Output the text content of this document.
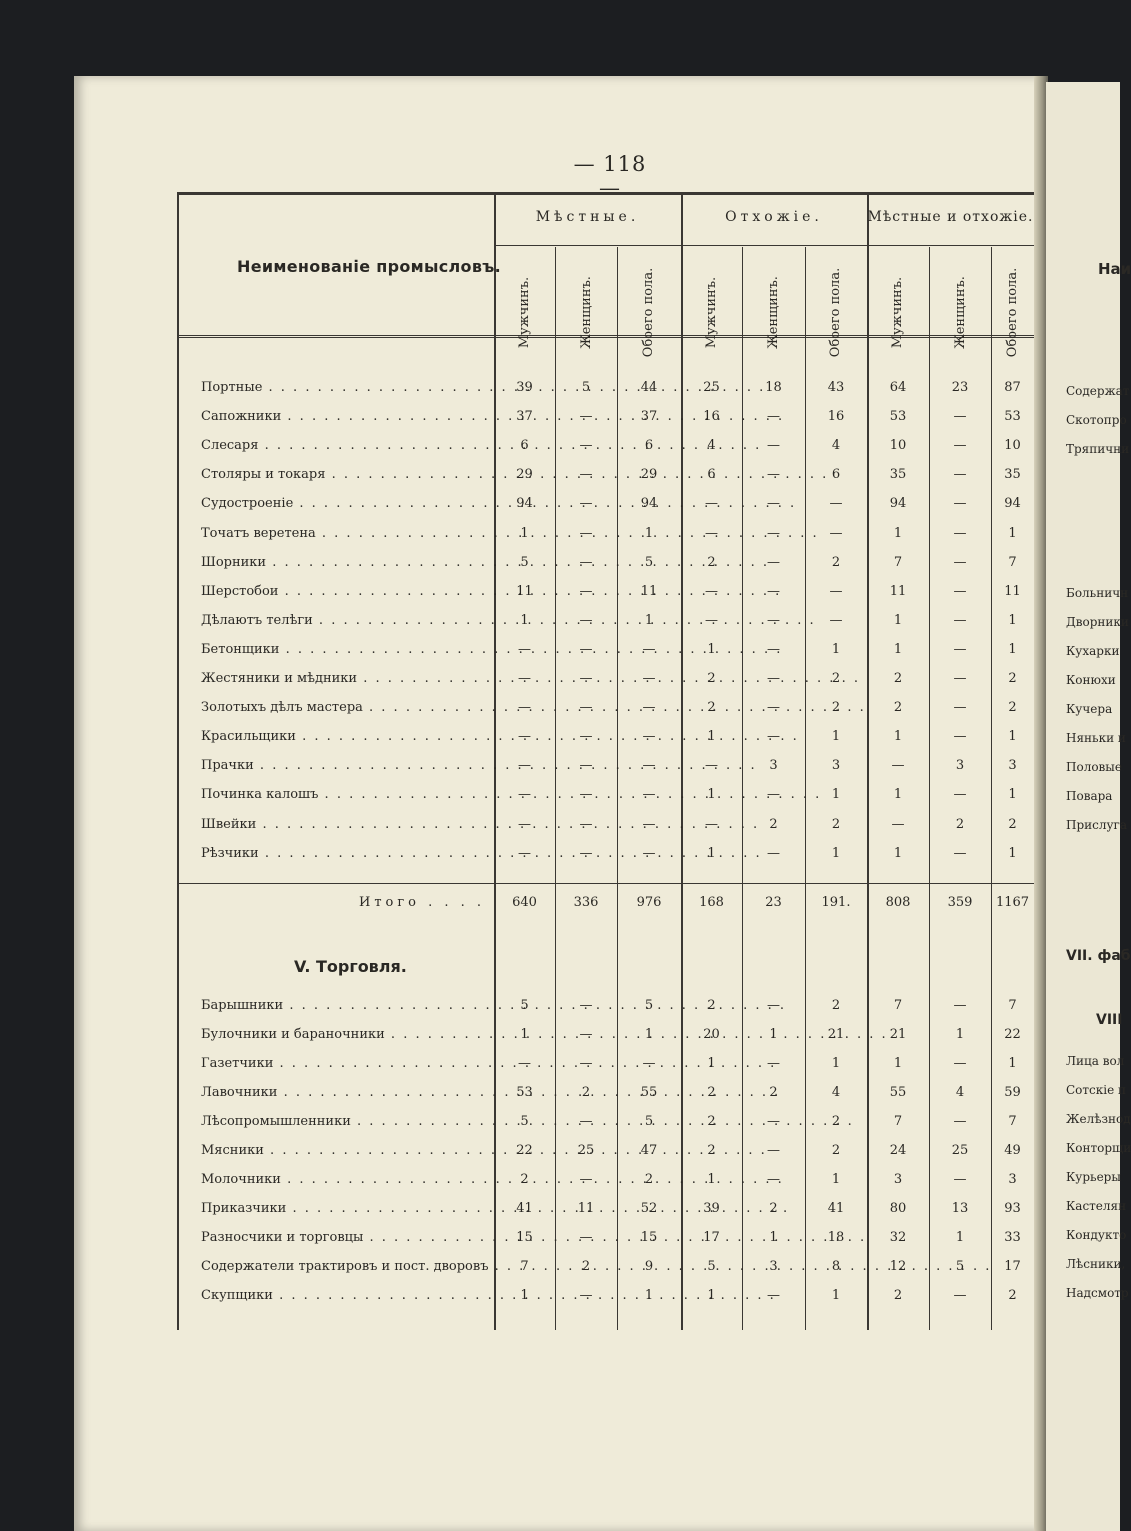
Наи
Содержат
Скотопро
Тряпични
Больничн
Дворники
Кухарки
Конюхи
Кучера
Няньки и
Половые
Повара
Прислуга
VII. фаб
VIII
Лица вол
Сотскіе п
Желѣзнод
Конторщи
Курьеры
Кастелян
Кондукто
Лѣсники,
Надсмотр
— 118 —
Неименованіе промысловъ.
Мѣстные.	Отхожіе.	Мѣстные и отхожіе.
Мужчинъ.	Женщинъ.	Обоего пола.	Мужчинъ.	Женщинъ.	Обоего пола.	Мужчинъ.	Женщинъ.	Обоего пола.
Портные . . .	39	5	44	25	18	43	64	23	87
Сапожники . . .	37	—	37	16	—	16	53	—	53
Слесаря . . .	6	—	6	4	—	4	10	—	10
Столяры и токаря . . .	29	—	29	6	—	6	35	—	35
Судостроеніе . . .	94	—	94	—	—	—	94	—	94
Точатъ веретена . . .	1	—	1	—	—	—	1	—	1
Шорники . . .	5	—	5	2	—	2	7	—	7
Шерстобои . . .	11	—	11	—	—	—	11	—	11
Дѣлаютъ телѣги . . .	1	—	1	—	—	—	1	—	1
Бетонщики . . .	—	—	—	1	—	1	1	—	1
Жестяники и мѣдники . . .	—	—	—	2	—	2	2	—	2
Золотыхъ дѣлъ мастера . . .	—	—	—	2	—	2	2	—	2
Красильщики . . .	—	—	—	1	—	1	1	—	1
Прачки . . .	—	—	—	—	3	3	—	3	3
Починка калошъ . . .	—	—	—	1	—	1	1	—	1
Швейки . . .	—	—	—	—	2	2	—	2	2
Рѣзчики . . .	—	—	—	1	—	1	1	—	1
Итого . . . .	640	336	976	168	23	191.	808	359	1167
V. Торговля.
Барышники . . .	5	—	5	2	—	2	7	—	7
Булочники и бараночники . . .	1	—	1	20	1	21	21	1	22
Газетчики . . .	—	—	—	1	—	1	1	—	1
Лавочники . . .	53	2	55	2	2	4	55	4	59
Лѣсопромышленники . . .	5	—	5	2	—	2	7	—	7
Мясники . . .	22	25	47	2	—	2	24	25	49
Молочники . . .	2	—	2	1	—	1	3	—	3
Приказчики . . .	41	11	52	39	2	41	80	13	93
Разносчики и торговцы . . .	15	—	15	17	1	18	32	1	33
Содержатели трактировъ и пост. дворовъ . . .	7	2	9	5	3	8	12	5	17
Скупщики . . .	1	—	1	1	—	1	2	—	2
